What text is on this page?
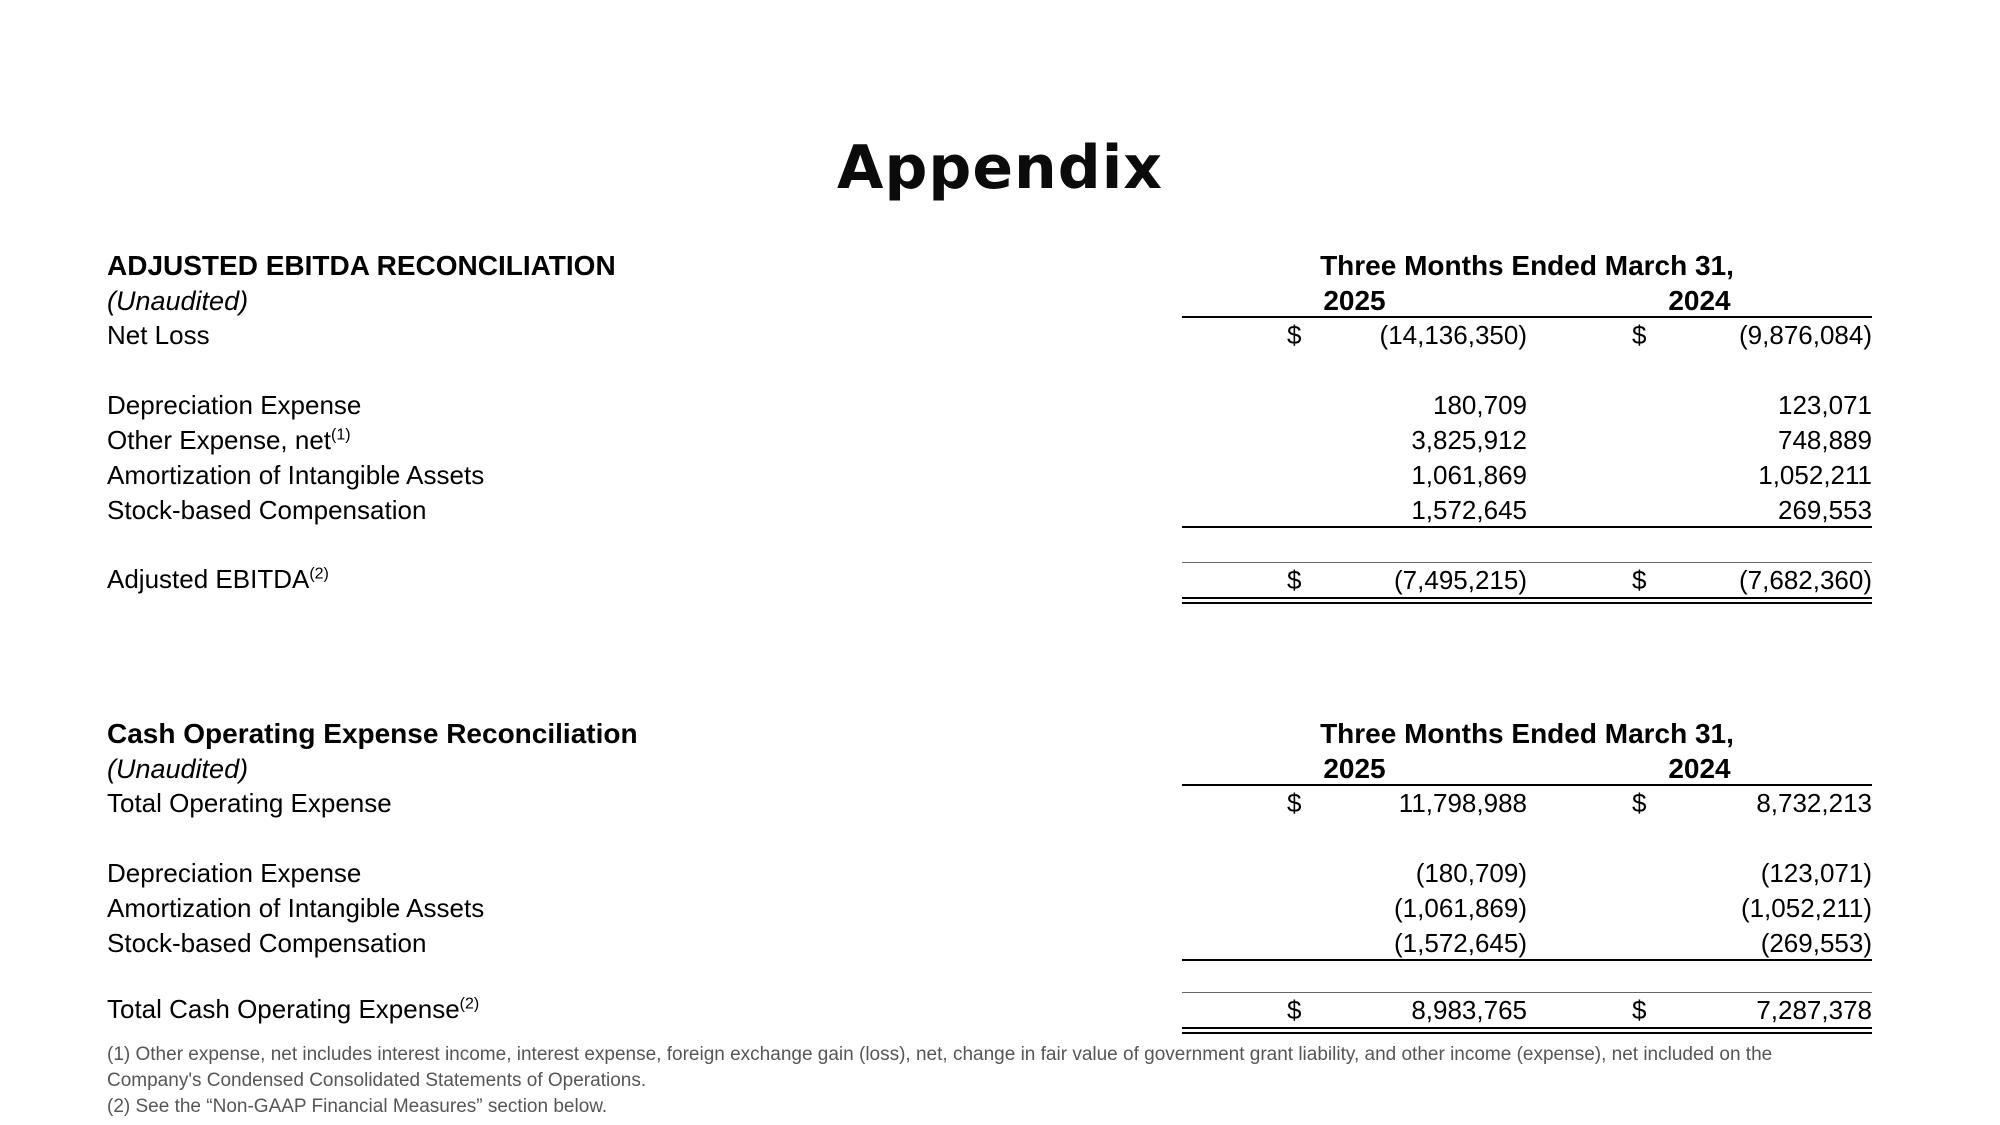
Appendix
ADJUSTED EBITDA RECONCILIATION	Three Months Ended March 31,
(Unaudited)	2025	2024
Net Loss	$	(14,136,350)	$	(9,876,084)
Depreciation Expense	180,709	123,071
Other Expense, net$^{(1)}$	3,825,912	748,889
Amortization of Intangible Assets	1,061,869	1,052,211
Stock-based Compensation	1,572,645	269,553
Adjusted EBITDA$^{(2)}$	$	(7,495,215)	$	(7,682,360)
Cash Operating Expense Reconciliation	Three Months Ended March 31,
(Unaudited)	2025	2024
Total Operating Expense	$	11,798,988	$	8,732,213
Depreciation Expense	(180,709)	(123,071)
Amortization of Intangible Assets	(1,061,869)	(1,052,211)
Stock-based Compensation	(1,572,645)	(269,553)
Total Cash Operating Expense$^{(2)}$	$	8,983,765	$	7,287,378
(1) Other expense, net includes interest income, interest expense, foreign exchange gain (loss), net, change in fair value of government grant liability, and other income (expense), net included on the
Company's Condensed Consolidated Statements of Operations.
(2) See the “Non-GAAP Financial Measures” section below.
